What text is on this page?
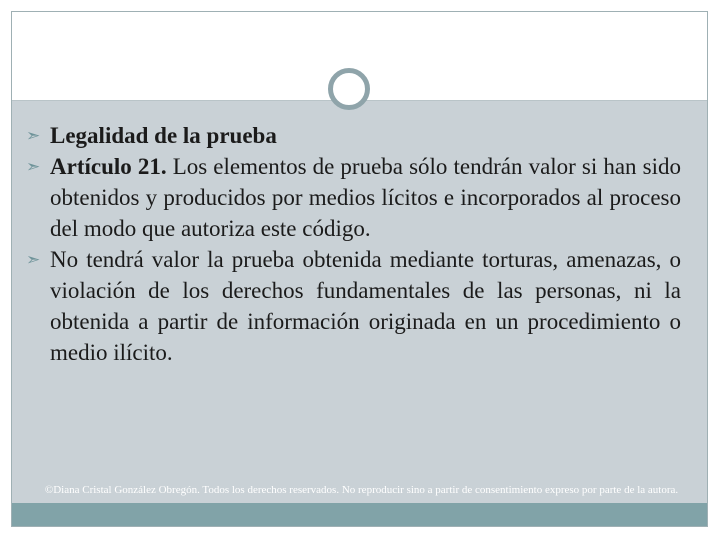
➣ Legalidad de la prueba

➣ Artículo 21. Los elementos de prueba sólo tendrán valor si han sido obtenidos y producidos por medios lícitos e incorporados al proceso del modo que autoriza este código.

➣ No tendrá valor la prueba obtenida mediante torturas, amenazas, o violación de los derechos fundamentales de las personas, ni la obtenida a partir de información originada en un procedimiento o medio ilícito.

©Diana Cristal González Obregón. Todos los derechos reservados. No reproducir sino a partir de consentimiento expreso por parte de la autora.
